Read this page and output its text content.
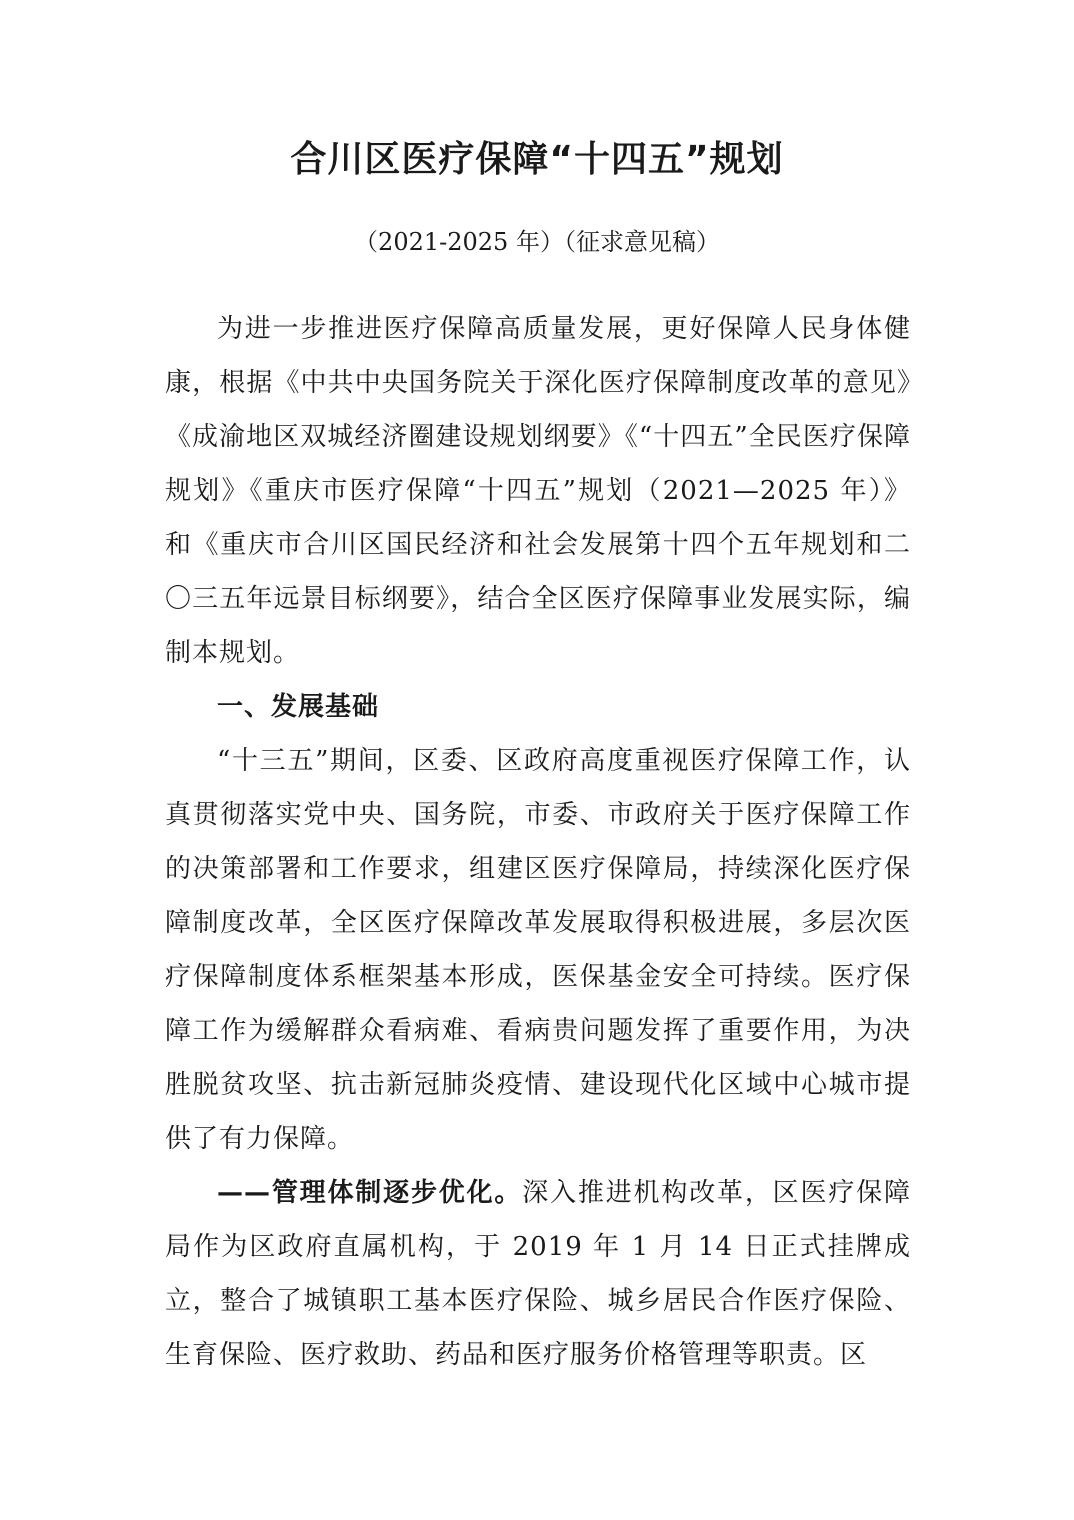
合川区医疗保障“十四五”规划
（2021-2025 年）（征求意见稿）

为进一步推进医疗保障高质量发展，更好保障人民身体健康，根据《中共中央国务院关于深化医疗保障制度改革的意见》《成渝地区双城经济圈建设规划纲要》《“十四五”全民医疗保障规划》《重庆市医疗保障“十四五”规划（2021—2025 年）》和《重庆市合川区国民经济和社会发展第十四个五年规划和二〇三五年远景目标纲要》，结合全区医疗保障事业发展实际，编制本规划。

一、发展基础

“十三五”期间，区委、区政府高度重视医疗保障工作，认真贯彻落实党中央、国务院，市委、市政府关于医疗保障工作的决策部署和工作要求，组建区医疗保障局，持续深化医疗保障制度改革，全区医疗保障改革发展取得积极进展，多层次医疗保障制度体系框架基本形成，医保基金安全可持续。医疗保障工作为缓解群众看病难、看病贵问题发挥了重要作用，为决胜脱贫攻坚、抗击新冠肺炎疫情、建设现代化区域中心城市提供了有力保障。

——管理体制逐步优化。深入推进机构改革，区医疗保障局作为区政府直属机构，于 2019 年 1 月 14 日正式挂牌成立，整合了城镇职工基本医疗保险、城乡居民合作医疗保险、生育保险、医疗救助、药品和医疗服务价格管理等职责。区
